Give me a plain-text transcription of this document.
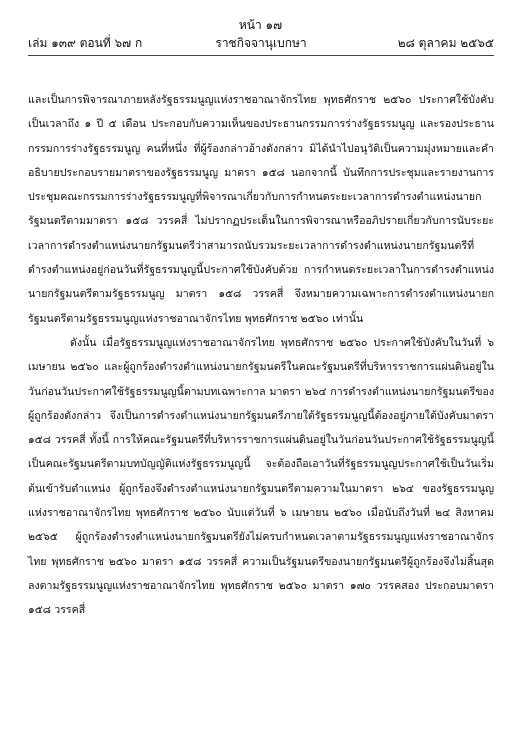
หน้า ๑๗
ราชกิจจานุเบกษา
เล่ม ๑๓๙ ตอนที่ ๖๗ ก	๒๘ ตุลาคม ๒๕๖๕

และเป็นการพิจารณาภายหลังรัฐธรรมนูญแห่งราชอาณาจักรไทย พุทธศักราช ๒๕๖๐ ประกาศใช้บังคับ เป็นเวลาถึง ๑ ปี ๕ เดือน ประกอบกับความเห็นของประธานกรรมการร่างรัฐธรรมนูญ และรองประธานกรรมการร่างรัฐธรรมนูญ คนที่หนึ่ง ที่ผู้ร้องกล่าวอ้างดังกล่าว มิได้นำไปอนุวัติเป็นความมุ่งหมายและคำอธิบายประกอบรายมาตราของรัฐธรรมนูญ มาตรา ๑๕๘ นอกจากนี้ บันทึกการประชุมและรายงานการประชุมคณะกรรมการร่างรัฐธรรมนูญที่พิจารณาเกี่ยวกับการกำหนดระยะเวลาการดำรงตำแหน่งนายกรัฐมนตรีตามมาตรา ๑๕๘ วรรคสี่ ไม่ปรากฏประเด็นในการพิจารณาหรืออภิปรายเกี่ยวกับการนับระยะเวลาการดำรงตำแหน่งนายกรัฐมนตรีว่าสามารถนับรวมระยะเวลาการดำรงตำแหน่งนายกรัฐมนตรีที่ดำรงตำแหน่งอยู่ก่อนวันที่รัฐธรรมนูญนี้ประกาศใช้บังคับด้วย การกำหนดระยะเวลาในการดำรงตำแหน่งนายกรัฐมนตรีตามรัฐธรรมนูญ มาตรา ๑๕๘ วรรคสี่ จึงหมายความเฉพาะการดำรงตำแหน่งนายกรัฐมนตรีตามรัฐธรรมนูญแห่งราชอาณาจักรไทย พุทธศักราช ๒๕๖๐ เท่านั้น

ดังนั้น เมื่อรัฐธรรมนูญแห่งราชอาณาจักรไทย พุทธศักราช ๒๕๖๐ ประกาศใช้บังคับในวันที่ ๖ เมษายน ๒๕๖๐ และผู้ถูกร้องดำรงตำแหน่งนายกรัฐมนตรีในคณะรัฐมนตรีที่บริหารราชการแผ่นดินอยู่ในวันก่อนวันประกาศใช้รัฐธรรมนูญนี้ตามบทเฉพาะกาล มาตรา ๒๖๔ การดำรงตำแหน่งนายกรัฐมนตรีของผู้ถูกร้องดังกล่าว จึงเป็นการดำรงตำแหน่งนายกรัฐมนตรีภายใต้รัฐธรรมนูญนี้ต้องอยู่ภายใต้บังคับมาตรา ๑๕๘ วรรคสี่ ทั้งนี้ การให้คณะรัฐมนตรีที่บริหารราชการแผ่นดินอยู่ในวันก่อนวันประกาศใช้รัฐธรรมนูญนี้เป็นคณะรัฐมนตรีตามบทบัญญัติแห่งรัฐธรรมนูญนี้ จะต้องถือเอาวันที่รัฐธรรมนูญประกาศใช้เป็นวันเริ่มต้นเข้ารับตำแหน่ง ผู้ถูกร้องจึงดำรงตำแหน่งนายกรัฐมนตรีตามความในมาตรา ๒๖๔ ของรัฐธรรมนูญแห่งราชอาณาจักรไทย พุทธศักราช ๒๕๖๐ นับแต่วันที่ ๖ เมษายน ๒๕๖๐ เมื่อนับถึงวันที่ ๒๔ สิงหาคม ๒๕๖๕ ผู้ถูกร้องดำรงตำแหน่งนายกรัฐมนตรียังไม่ครบกำหนดเวลาตามรัฐธรรมนูญแห่งราชอาณาจักรไทย พุทธศักราช ๒๕๖๐ มาตรา ๑๕๘ วรรคสี่ ความเป็นรัฐมนตรีของนายกรัฐมนตรีผู้ถูกร้องจึงไม่สิ้นสุดลงตามรัฐธรรมนูญแห่งราชอาณาจักรไทย พุทธศักราช ๒๕๖๐ มาตรา ๑๗๐ วรรคสอง ประกอบมาตรา ๑๕๘ วรรคสี่
